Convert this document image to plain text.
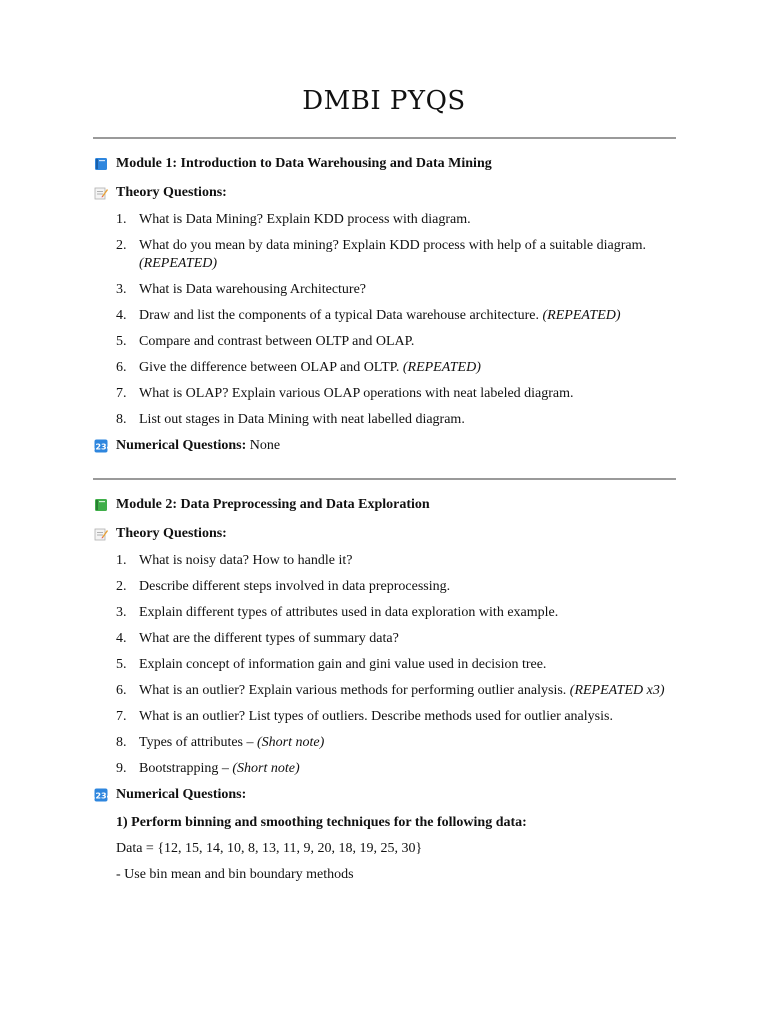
DMBI PYQS
Module 1: Introduction to Data Warehousing and Data Mining
Theory Questions:
1. What is Data Mining? Explain KDD process with diagram.
2. What do you mean by data mining? Explain KDD process with help of a suitable diagram. (REPEATED)
3. What is Data warehousing Architecture?
4. Draw and list the components of a typical Data warehouse architecture. (REPEATED)
5. Compare and contrast between OLTP and OLAP.
6. Give the difference between OLAP and OLTP. (REPEATED)
7. What is OLAP? Explain various OLAP operations with neat labeled diagram.
8. List out stages in Data Mining with neat labelled diagram.
1234 Numerical Questions:
None
Module 2: Data Preprocessing and Data Exploration
Theory Questions:
1. What is noisy data? How to handle it?
2. Describe different steps involved in data preprocessing.
3. Explain different types of attributes used in data exploration with example.
4. What are the different types of summary data?
5. Explain concept of information gain and gini value used in decision tree.
6. What is an outlier? Explain various methods for performing outlier analysis. (REPEATED x3)
7. What is an outlier? List types of outliers. Describe methods used for outlier analysis.
8. Types of attributes – (Short note)
9. Bootstrapping – (Short note)
1234 Numerical Questions:
1) Perform binning and smoothing techniques for the following data:
Data = {12, 15, 14, 10, 8, 13, 11, 9, 20, 18, 19, 25, 30}
- Use bin mean and bin boundary methods
